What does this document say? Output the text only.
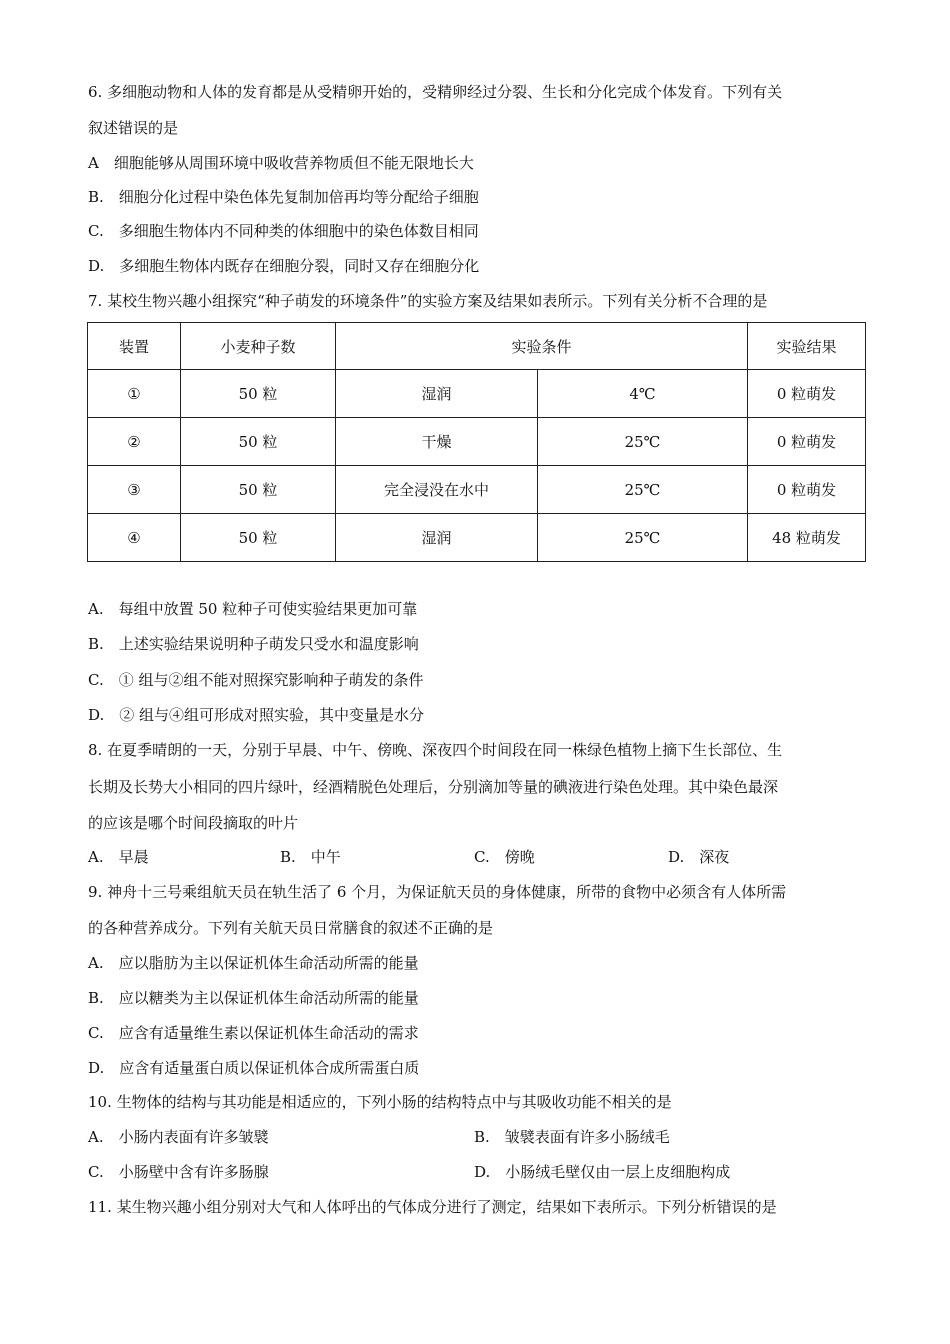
6. 多细胞动物和人体的发育都是从受精卵开始的，受精卵经过分裂、生长和分化完成个体发育。下列有关
叙述错误的是
A　细胞能够从周围环境中吸收营养物质但不能无限地长大
B.　细胞分化过程中染色体先复制加倍再均等分配给子细胞
C.　多细胞生物体内不同种类的体细胞中的染色体数目相同
D.　多细胞生物体内既存在细胞分裂，同时又存在细胞分化
7. 某校生物兴趣小组探究“种子萌发的环境条件”的实验方案及结果如表所示。下列有关分析不合理的是
装置	小麦种子数	实验条件		实验结果
①	50 粒	湿润	4℃	0 粒萌发
②	50 粒	干燥	25℃	0 粒萌发
③	50 粒	完全浸没在水中	25℃	0 粒萌发
④	50 粒	湿润	25℃	48 粒萌发
A.　每组中放置 50 粒种子可使实验结果更加可靠
B.　上述实验结果说明种子萌发只受水和温度影响
C.　① 组与②组不能对照探究影响种子萌发的条件
D.　② 组与④组可形成对照实验，其中变量是水分
8. 在夏季晴朗的一天，分别于早晨、中午、傍晚、深夜四个时间段在同一株绿色植物上摘下生长部位、生
长期及长势大小相同的四片绿叶，经酒精脱色处理后，分别滴加等量的碘液进行染色处理。其中染色最深
的应该是哪个时间段摘取的叶片
A.　早晨	B.　中午	C.　傍晚	D.　深夜
9. 神舟十三号乘组航天员在轨生活了 6 个月，为保证航天员的身体健康，所带的食物中必须含有人体所需
的各种营养成分。下列有关航天员日常膳食的叙述不正确的是
A.　应以脂肪为主以保证机体生命活动所需的能量
B.　应以糖类为主以保证机体生命活动所需的能量
C.　应含有适量维生素以保证机体生命活动的需求
D.　应含有适量蛋白质以保证机体合成所需蛋白质
10. 生物体的结构与其功能是相适应的，下列小肠的结构特点中与其吸收功能不相关的是
A.　小肠内表面有许多皱襞	B.　皱襞表面有许多小肠绒毛
C.　小肠壁中含有许多肠腺	D.　小肠绒毛壁仅由一层上皮细胞构成
11. 某生物兴趣小组分别对大气和人体呼出的气体成分进行了测定，结果如下表所示。下列分析错误的是
